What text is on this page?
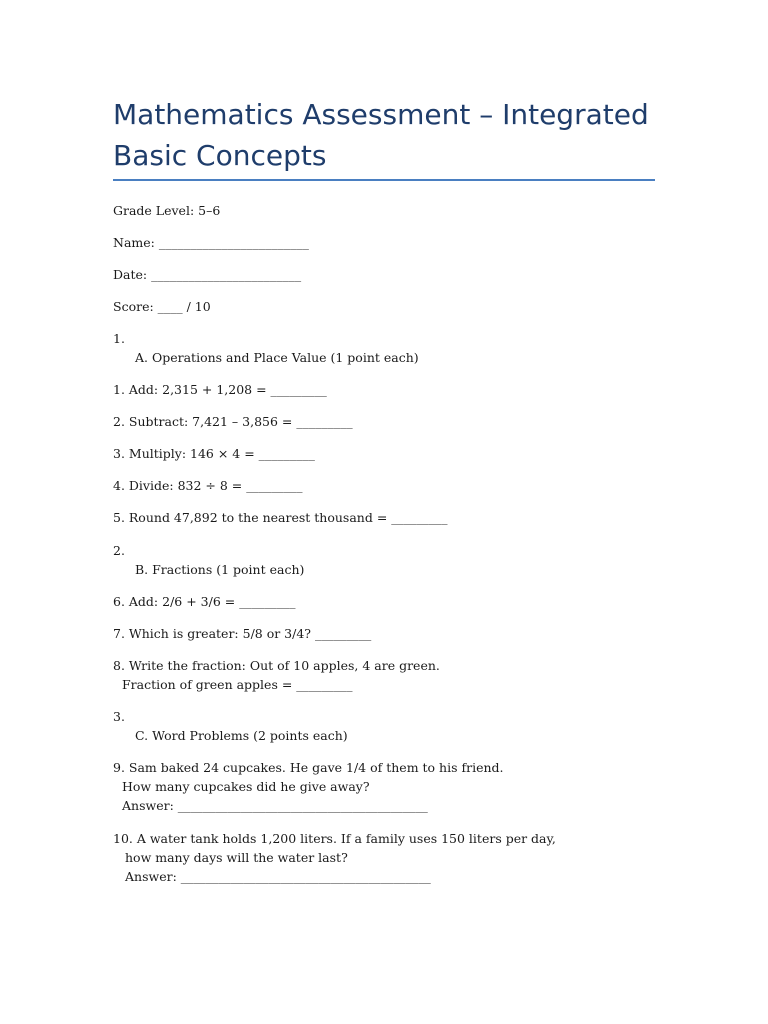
Mathematics Assessment – Integrated Basic Concepts

Grade Level: 5–6

Name: ________________________

Date: ________________________

Score: ____ / 10

1.

A. Operations and Place Value (1 point each)

1. Add: 2,315 + 1,208 = _________

2. Subtract: 7,421 – 3,856 = _________

3. Multiply: 146 × 4 = _________

4. Divide: 832 ÷ 8 = _________

5. Round 47,892 to the nearest thousand = _________

2.

B. Fractions (1 point each)

6. Add: 2/6 + 3/6 = _________

7. Which is greater: 5/8 or 3/4? _________

8. Write the fraction: Out of 10 apples, 4 are green.

Fraction of green apples = _________

3.

C. Word Problems (2 points each)

9. Sam baked 24 cupcakes. He gave 1/4 of them to his friend.

How many cupcakes did he give away?

Answer: ________________________________________

10. A water tank holds 1,200 liters. If a family uses 150 liters per day,

how many days will the water last?

Answer: ________________________________________
